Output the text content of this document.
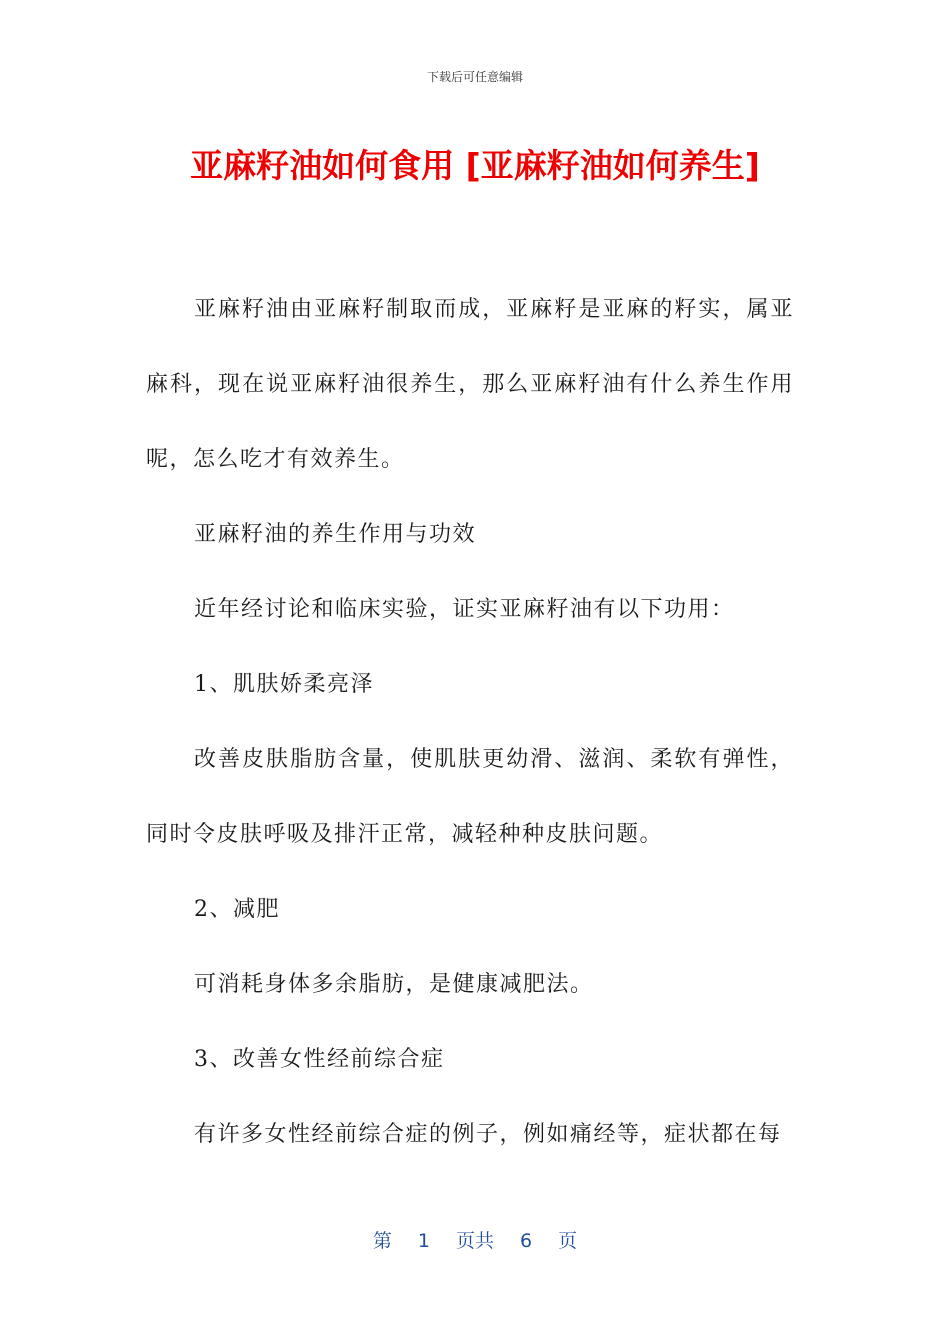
下载后可任意编辑
亚麻籽油如何食用 [亚麻籽油如何养生]

亚麻籽油由亚麻籽制取而成，亚麻籽是亚麻的籽实，属亚麻科，现在说亚麻籽油很养生，那么亚麻籽油有什么养生作用呢，怎么吃才有效养生。

亚麻籽油的养生作用与功效

近年经讨论和临床实验，证实亚麻籽油有以下功用：

1、肌肤娇柔亮泽

改善皮肤脂肪含量，使肌肤更幼滑、滋润、柔软有弹性，同时令皮肤呼吸及排汗正常，减轻种种皮肤问题。

2、减肥

可消耗身体多余脂肪，是健康减肥法。

3、改善女性经前综合症

有许多女性经前综合症的例子，例如痛经等，症状都在每

第 1 页共 6 页
